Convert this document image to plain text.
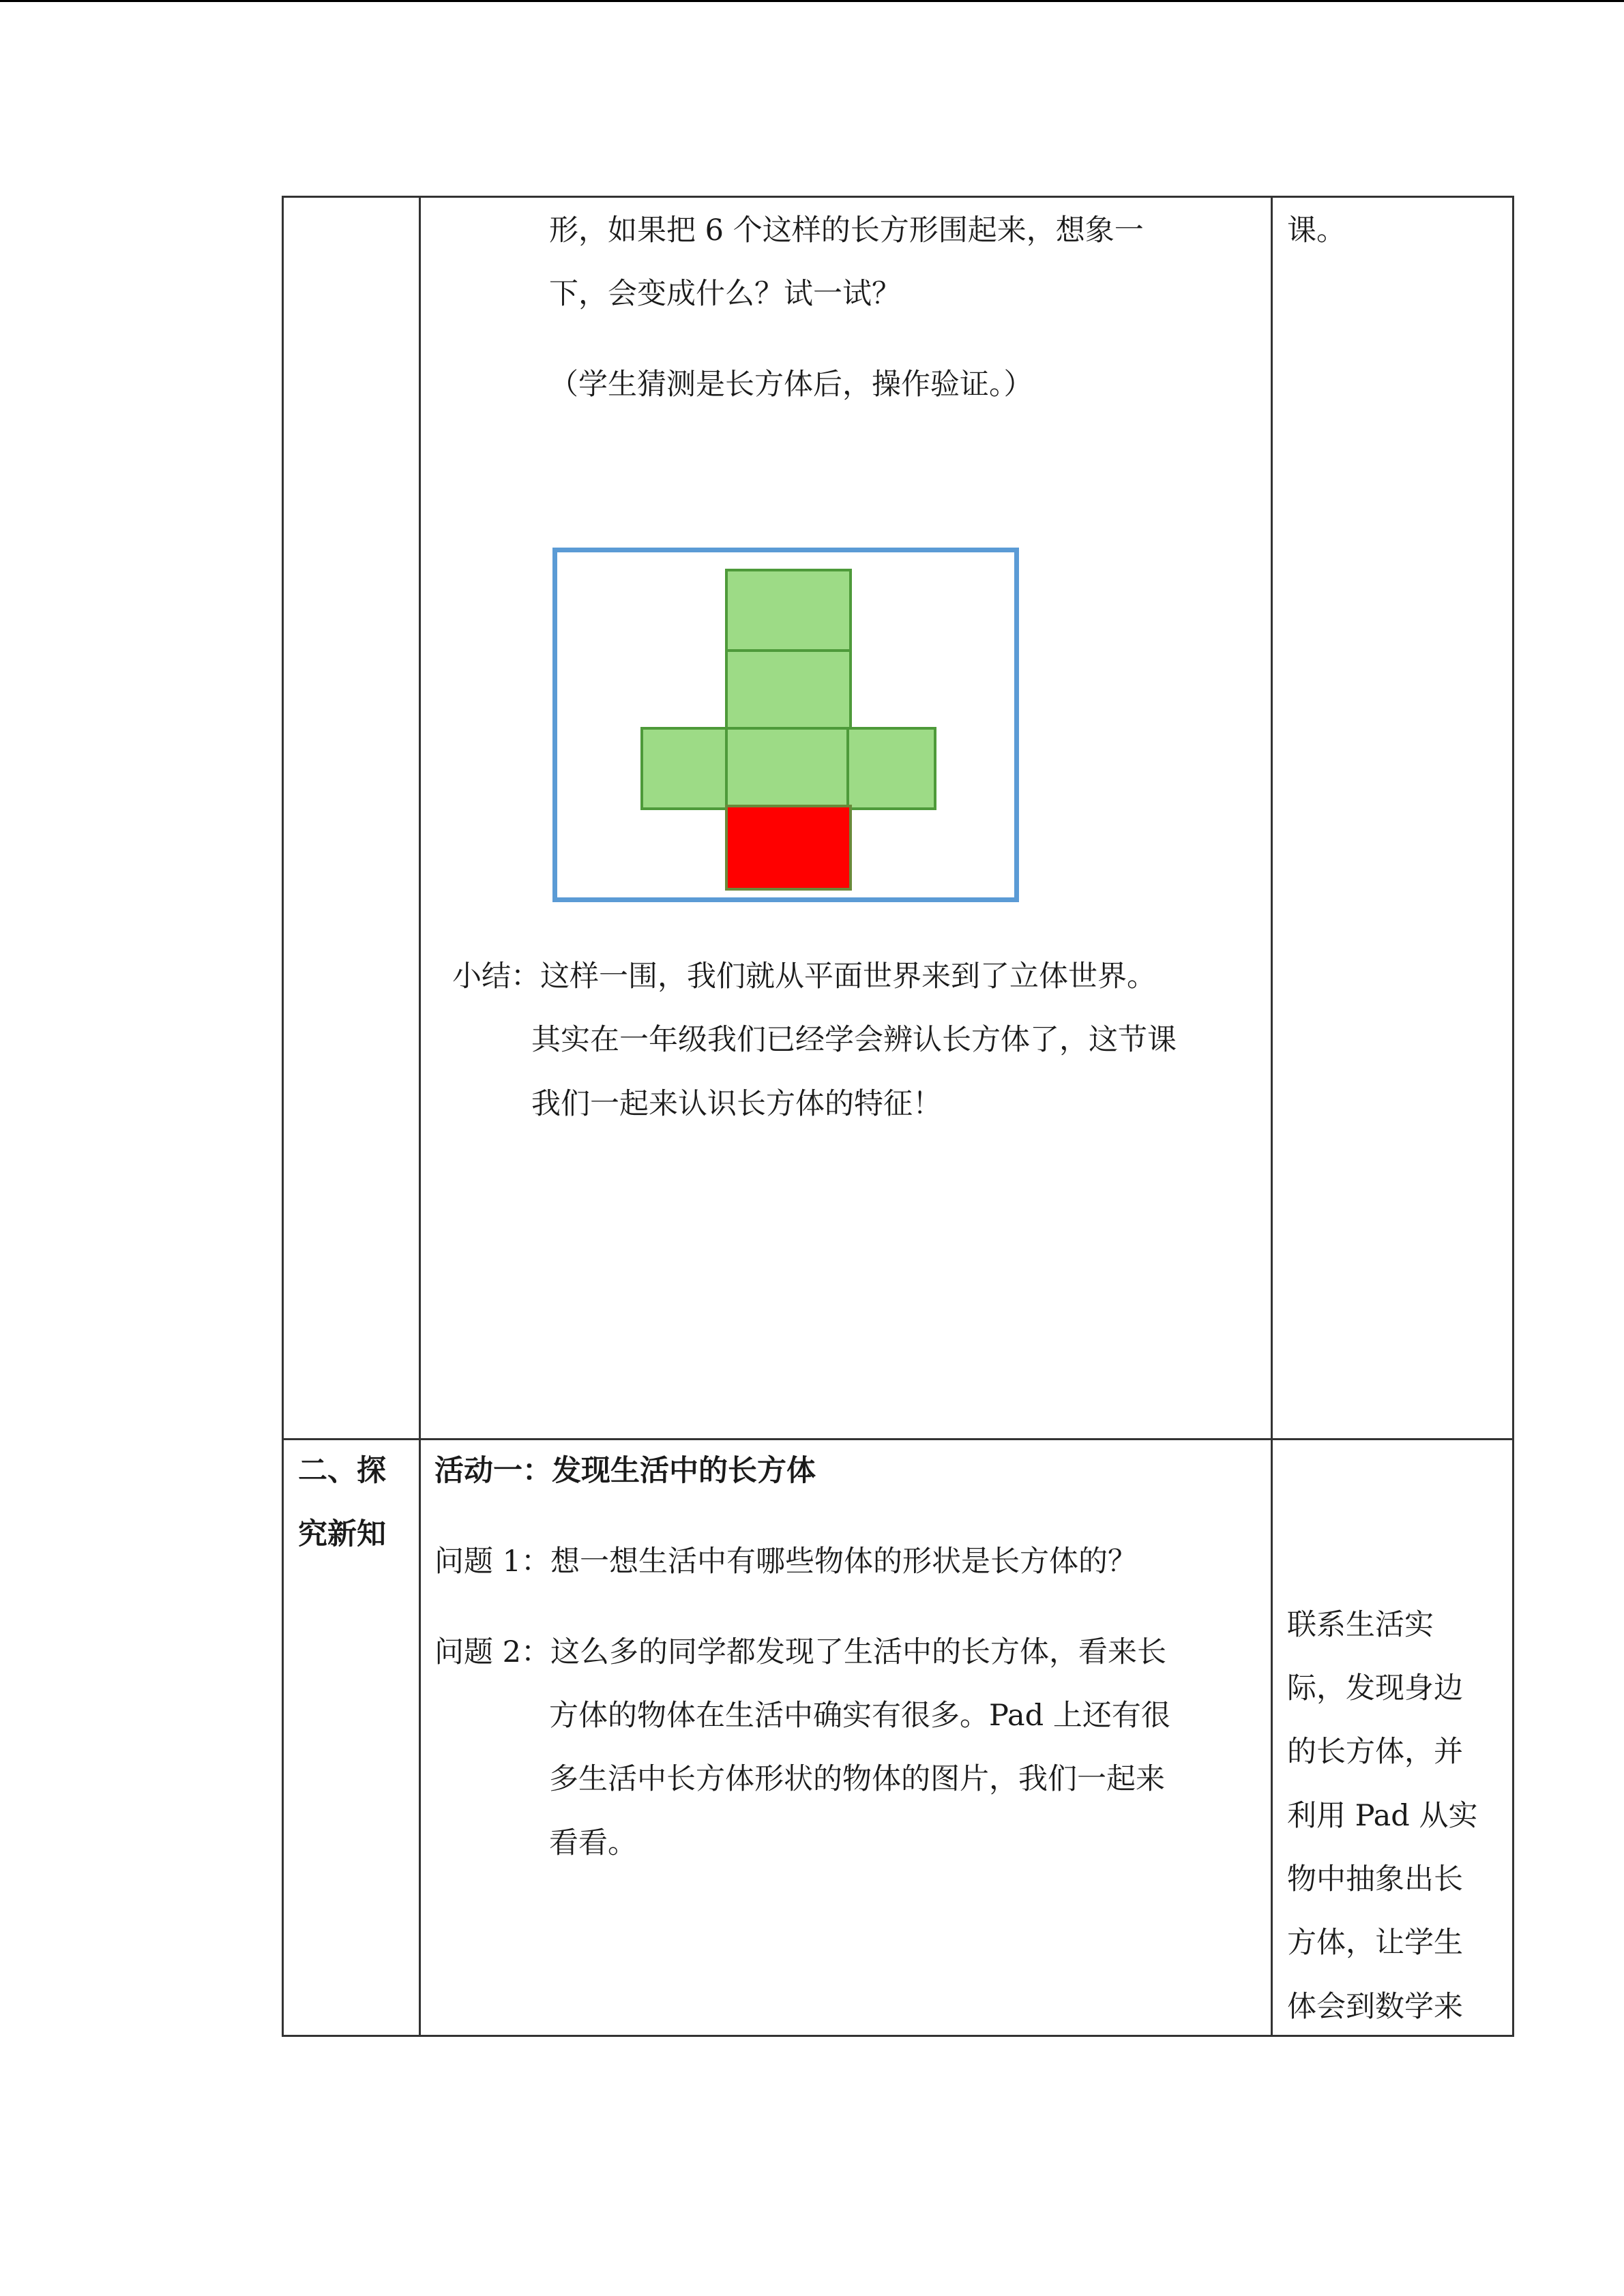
形，如果把 6 个这样的长方形围起来，想象一
下，会变成什么？试一试？
（学生猜测是长方体后，操作验证。）
小结：这样一围，我们就从平面世界来到了立体世界。
其实在一年级我们已经学会辨认长方体了，这节课
我们一起来认识长方体的特征！
课。
二、探
究新知
活动一：发现生活中的长方体
问题 1：想一想生活中有哪些物体的形状是长方体的？
问题 2：这么多的同学都发现了生活中的长方体，看来长
方体的物体在生活中确实有很多。Pad 上还有很
多生活中长方体形状的物体的图片，我们一起来
看看。
联系生活实
际，发现身边
的长方体，并
利用 Pad 从实
物中抽象出长
方体，让学生
体会到数学来
